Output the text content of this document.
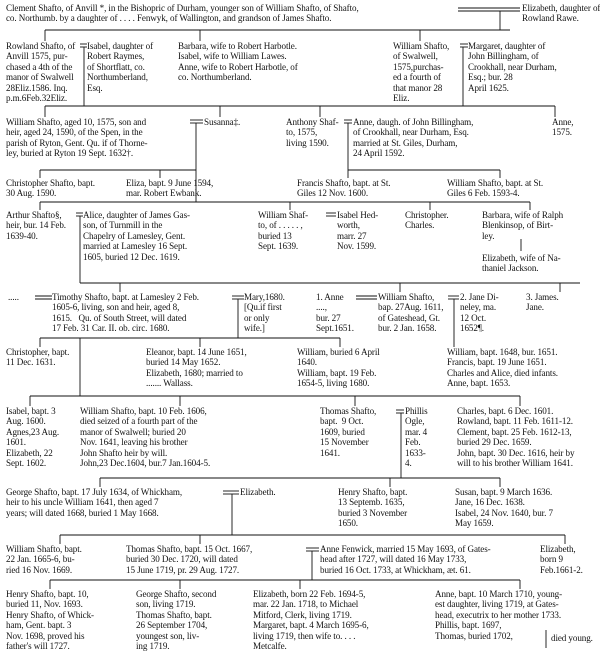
Clement Shafto, of Anvill *, in the Bishopric of Durham, younger son of William Shafto, of Shafto,
co. Northumb. by a daughter of . . . . Fenwyk, of Wallington, and grandson of James Shafto.
Elizabeth, daughter of
Rowland Rawe.
Rowland Shafto, of
Anvill 1575, pur-
chased a 4th of the
manor of Swalwell
28Eliz.1586. Inq.
p.m.6Feb.32Eliz.
Isabel, daughter of
Robert Raymes,
of Shortflatt, co.
Northumberland,
Esq.
Barbara, wife to Robert Harbotle.
Isabel, wife to William Lawes.
Anne, wife to Robert Harbotle, of
co. Northumberland.
William Shafto,
of Swalwell,
1575,purchas-
ed a fourth of
that manor 28
Eliz.
Margaret, daughter of
John Billingham, of
Crookhall, near Durham,
Esq.; bur. 28
April 1625.
William Shafto, aged 10, 1575, son and
heir, aged 24, 1590, of the Spen, in the
parish of Ryton, Gent. Qu. if of Thorne-
ley, buried at Ryton 19 Sept. 1632†.
Susanna‡.	Anthony Shaf-
to, 1575,
living 1590.
Anne, daugh. of John Billingham,
of Crookhall, near Durham, Esq.
married at St. Giles, Durham,
24 April 1592.
Anne,
1575.
Christopher Shafto, bapt.
30 Aug. 1590.
Eliza, bapt. 9 June 1594,
mar. Robert Ewbank.
Francis Shafto, bapt. at St.
Giles 12 Nov. 1600.
William Shafto, bapt. at St.
Giles 6 Feb. 1593-4.
Arthur Shafto§,
heir, bur. 14 Feb.
1639-40.
Alice, daughter of James Gas-
son, of Turnmill in the
Chapelry of Lamesley, Gent.
married at Lamesley 16 Sept.
1605, buried 12 Dec. 1619.
William Shaf-
to, of . . . . . ,
buried 13
Sept. 1639.
Isabel Hed-
worth,
marr. 27
Nov. 1599.
Christopher.
Charles.
Barbara, wife of Ralph
Blenkinsop, of Birt-
ley.
Elizabeth, wife of Na-
thaniel Jackson.
Timothy Shafto, bapt. at Lamesley 2 Feb.
1605-6, living, son and heir, aged 8,
1615.   Qu. of South Street, will dated
17 Feb. 31 Car. II. ob. circ. 1680.
.....	Mary,1680.
[Qu.if first
or only
wife.]
1. Anne
....,
bur. 27
Sept.1651.
William Shafto,
bap. 27Aug. 1611,
of Gateshead, Gt.
bur. 2 Jan. 1658.
2. Jane Di-
neley, ma.
12 Oct.
1652¶.
3. James.
Jane.
Christopher, bapt.
11 Dec. 1631.
Eleanor, bapt. 14 June 1651,
buried 14 May 1652.
Elizabeth, 1680; married to
....... Wallass.
William, buried 6 April
1640.
William, bapt. 19 Feb.
1654-5, living 1680.
William, bapt. 1648, bur. 1651.
Francis, bapt. 19 June 1651.
Charles and Alice, died infants.
Anne, bapt. 1653.
Isabel, bapt. 3
Aug. 1600.
Agnes,23 Aug.
1601.
Elizabeth, 22
Sept. 1602.
William Shafto, bapt. 10 Feb. 1606,
died seized of a fourth part of the
manor of Swalwell; buried 20
Nov. 1641, leaving his brother
John Shafto heir by will.
John,23 Dec.1604, bur.7 Jan.1604-5.
Thomas Shafto,
bapt.  9 Oct.
1609, buried
15 November
1641.
Phillis
Ogle,
mar. 4
Feb.
1633-
4.
Charles, bapt. 6 Dec. 1601.
Rowland, bapt. 11 Feb. 1611-12.
Clement, bapt. 25 Feb. 1612-13,
buried 29 Dec. 1659.
John, bapt. 30 Dec. 1616, heir by
will to his brother William 1641.
George Shafto, bapt. 17 July 1634, of Whickham,
heir to his uncle William 1641, then aged 7
years; will dated 1668, buried 1 May 1668.
Elizabeth.	Henry Shafto, bapt.
13 Septemb. 1635,
buried 3 November
1650.
Susan, bapt. 9 March 1636.
Jane, 16 Dec. 1638.
Isabel, 24 Nov. 1640, bur. 7
May 1659.
William Shafto, bapt.
22 Jan. 1665-6, bu-
ried 16 Nov. 1669.
Thomas Shafto, bapt. 15 Oct. 1667,
buried 30 Dec. 1720, will dated
15 June 1719, pr. 29 Aug. 1727.
Anne Fenwick, married 15 May 1693, of Gates-
head after 1727, will dated 16 May 1733,
buried 16 Oct. 1733, at Whickham, æt. 61.
Elizabeth,
born 9
Feb.1661-2.
Henry Shafto, bapt. 10,
buried 11, Nov. 1693.
Henry Shafto, of Whick-
ham, Gent. bapt. 3
Nov. 1698, proved his
father's will 1727.
George Shafto, second
son, living 1719.
Thomas Shafto, bapt.
26 September 1704,
youngest son, liv-
ing 1719.
Elizabeth, born 22 Feb. 1694-5,
mar. 22 Jan. 1718, to Michael
Mitford, Clerk, living 1719.
Margaret, bapt. 4 March 1695-6,
living 1719, then wife to. . . .
Metcalfe.
Anne, bapt. 10 March 1710, young-
est daughter, living 1719, at Gates-
head, executrix to her mother 1733.
Phillis, bapt. 1697,
Thomas, buried 1702,	died young.
